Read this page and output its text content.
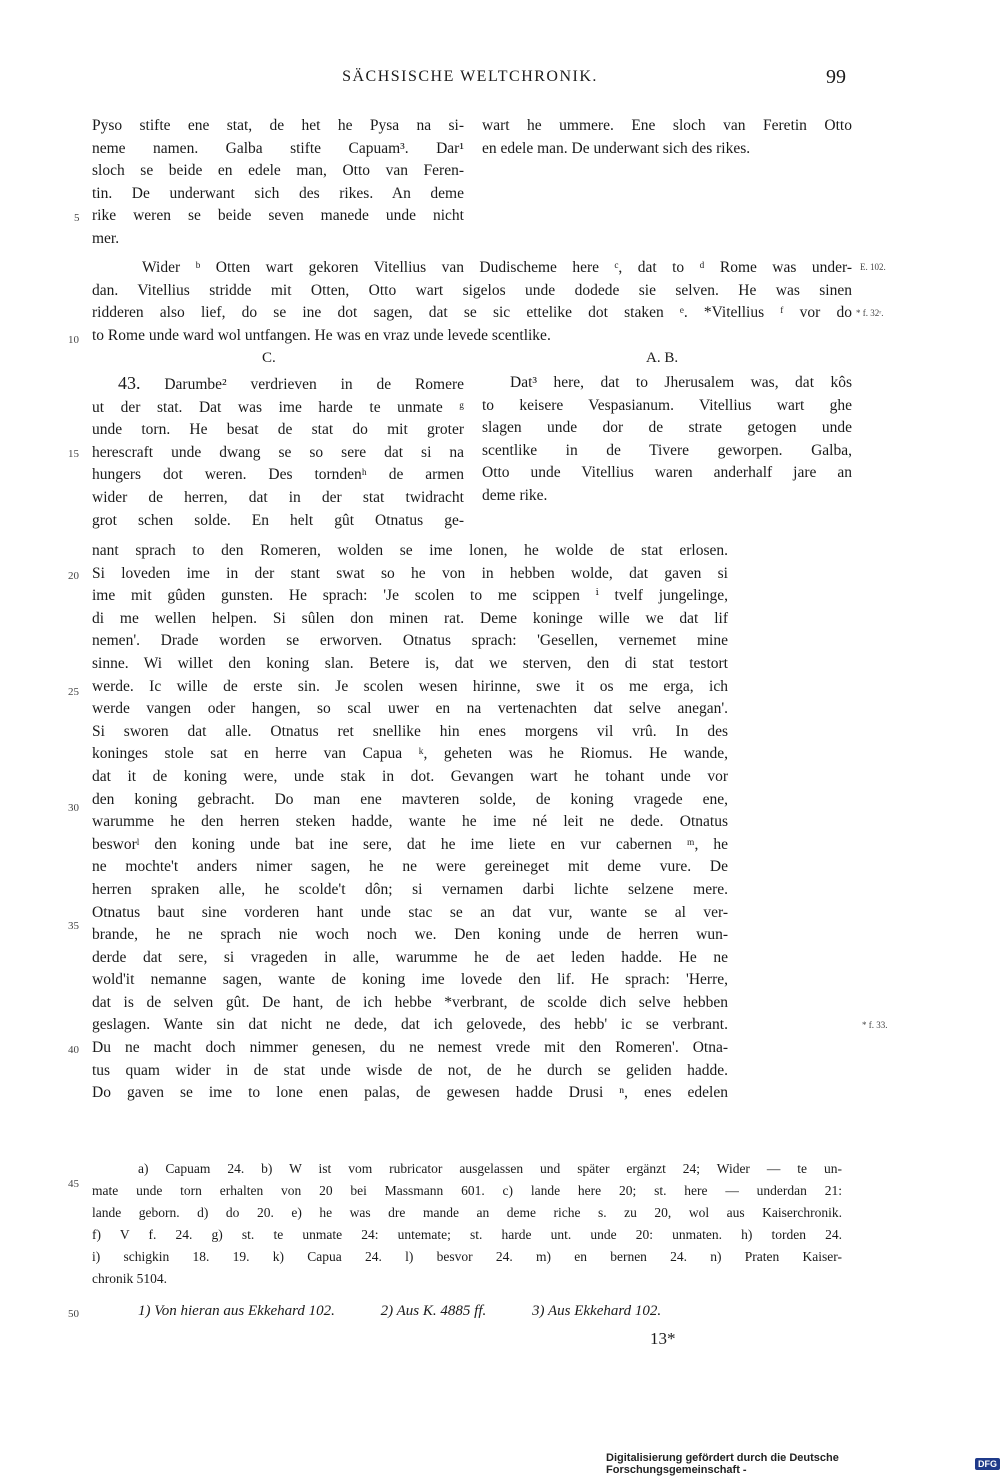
SÄCHSISCHE WELTCHRONIK.	99

Pyso stifte ene stat, de het he Pysa na si-

neme namen. Galba stifte Capuam³. Dar¹

sloch se beide en edele man, Otto van Feren-

tin. De underwant sich des rikes. An deme

rike weren se beide seven manede unde nicht

mer.

wart he ummere. Ene sloch van Feretin Otto

en edele man. De underwant sich des rikes.

Wider ᵇ Otten wart gekoren Vitellius van Dudischeme here ᶜ, dat to ᵈ Rome was under-

dan. Vitellius stridde mit Otten, Otto wart sigelos unde dodede sie selven. He was sinen

ridderen also lief, do se ine dot sagen, dat se sic ettelike dot staken ᵉ. *Vitellius ᶠ vor do

to Rome unde ward wol untfangen. He was en vraz unde levede scentlike.

C.	A. B.

43. Darumbe² verdrieven in de Romere

ut der stat. Dat was ime harde te unmate ᵍ

unde torn. He besat de stat do mit groter

herescraft unde dwang se so sere dat si na

hungers dot weren. Des torndenʰ de armen

wider de herren, dat in der stat twidracht

grot schen solde. En helt gût Otnatus ge-

Dat³ here, dat to Jherusalem was, dat kôs

to keisere Vespasianum. Vitellius wart ghe

slagen unde dor de strate getogen unde

scentlike in de Tivere geworpen. Galba,

Otto unde Vitellius waren anderhalf jare an

deme rike.

nant sprach to den Romeren, wolden se ime lonen, he wolde de stat erlosen.

Si loveden ime in der stant swat so he von in hebben wolde, dat gaven si

ime mit gûden gunsten. He sprach: 'Je scolen to me scippen ⁱ tvelf jungelinge,

di me wellen helpen. Si sûlen don minen rat. Deme koninge wille we dat lif

nemen'. Drade worden se erworven. Otnatus sprach: 'Gesellen, vernemet mine

sinne. Wi willet den koning slan. Betere is, dat we sterven, den di stat testort

werde. Ic wille de erste sin. Je scolen wesen hirinne, swe it os me erga, ich

werde vangen oder hangen, so scal uwer en na vertenachten dat selve anegan'.

Si sworen dat alle. Otnatus ret snellike hin enes morgens vil vrû. In des

koninges stole sat en herre van Capua ᵏ, geheten was he Riomus. He wande,

dat it de koning were, unde stak in dot. Gevangen wart he tohant unde vor

den koning gebracht. Do man ene mavteren solde, de koning vragede ene,

warumme he den herren steken hadde, wante he ime né leit ne dede. Otnatus

besworˡ den koning unde bat ine sere, dat he ime liete en vur cabernen ᵐ, he

ne mochte't anders nimer sagen, he ne were gereineget mit deme vure. De

herren spraken alle, he scolde't dôn; si vernamen darbi lichte selzene mere.

Otnatus baut sine vorderen hant unde stac se an dat vur, wante se al ver-

brande, he ne sprach nie woch noch we. Den koning unde de herren wun-

derde dat sere, si vrageden in alle, warumme he de aet leden hadde. He ne

wold'it nemanne sagen, wante de koning ime lovede den lif. He sprach: 'Herre,

dat is de selven gût. De hant, de ich hebbe *verbrant, de scolde dich selve hebben

geslagen. Wante sin dat nicht ne dede, dat ich gelovede, des hebb' ic se verbrant.

Du ne macht doch nimmer genesen, du ne nemest vrede mit den Romeren'. Otna-

tus quam wider in de stat unde wisde de not, de he durch se geliden hadde.

Do gaven se ime to lone enen palas, de gewesen hadde Drusi ⁿ, enes edelen

5
10
15
20
25
30
35
40
45
50
E. 102.
* f. 32ʳ.
* f. 33.

a) Capuam 24. b) W ist vom rubricator ausgelassen und später ergänzt 24; Wider — te un-

mate unde torn erhalten von 20 bei Massmann 601. c) lande here 20; st. here — underdan 21:

lande geborn. d) do 20. e) he was dre mande an deme riche s. zu 20, wol aus Kaiserchronik.

f) V f. 24. g) st. te unmate 24: untemate; st. harde unt. unde 20: unmaten. h) torden 24.

i) schigkin 18. 19. k) Capua 24. l) besvor 24. m) en bernen 24. n) Praten Kaiser-

chronik 5104.

1) Von hieran aus Ekkehard 102.	2) Aus K. 4885 ff.	3) Aus Ekkehard 102.
13*
Digitalisierung gefördert durch die Deutsche Forschungsgemeinschaft -	DFG
